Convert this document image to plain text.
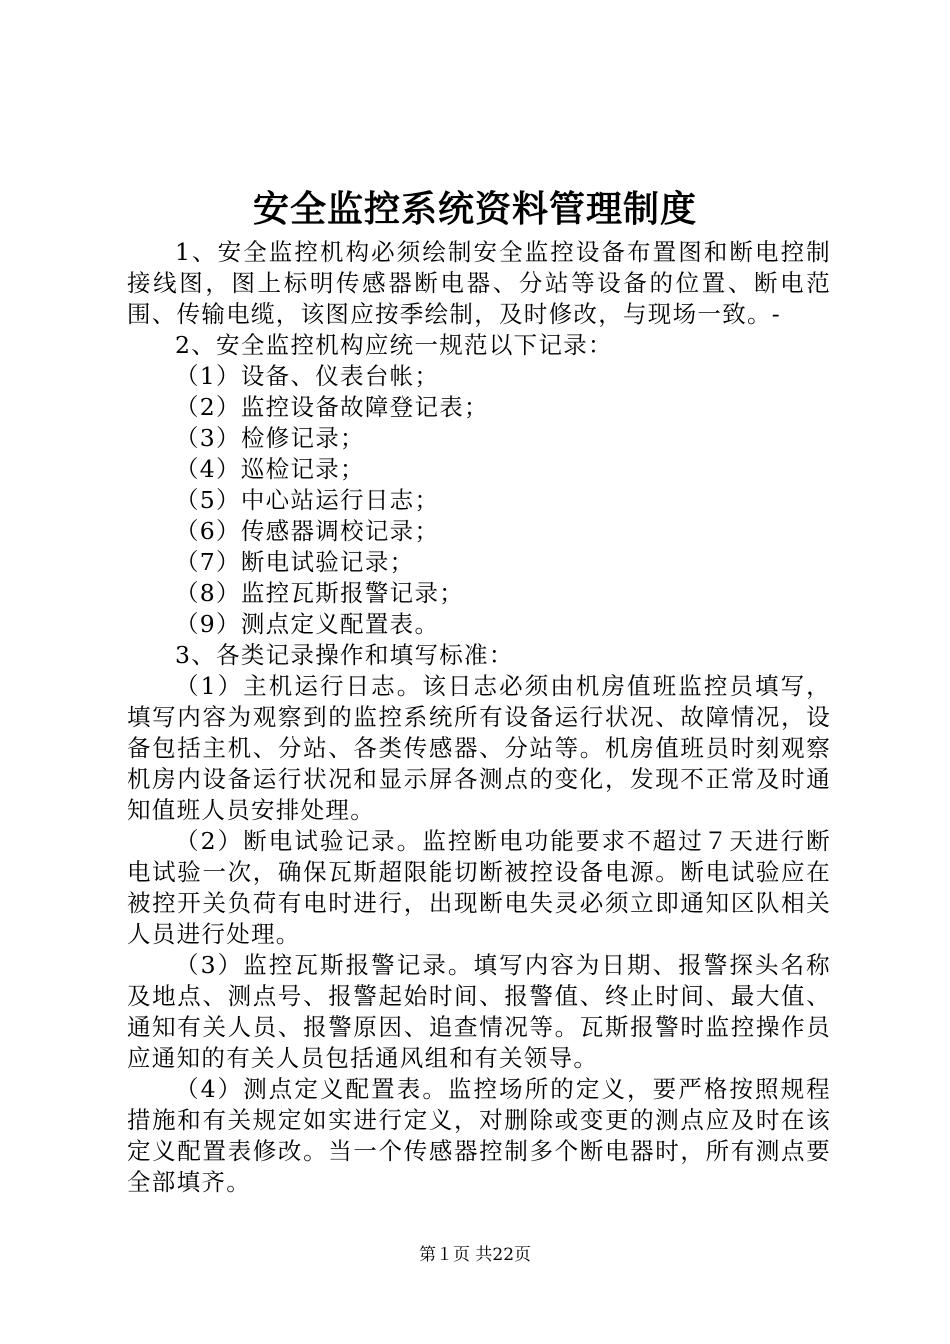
安全监控系统资料管理制度

1、安全监控机构必须绘制安全监控设备布置图和断电控制接线图，图上标明传感器断电器、分站等设备的位置、断电范围、传输电缆，该图应按季绘制，及时修改，与现场一致。-

2、安全监控机构应统一规范以下记录：

（1）设备、仪表台帐；

（2）监控设备故障登记表；

（3）检修记录；

（4）巡检记录；

（5）中心站运行日志；

（6）传感器调校记录；

（7）断电试验记录；

（8）监控瓦斯报警记录；

（9）测点定义配置表。

3、各类记录操作和填写标准：

（1）主机运行日志。该日志必须由机房值班监控员填写，填写内容为观察到的监控系统所有设备运行状况、故障情况，设备包括主机、分站、各类传感器、分站等。机房值班员时刻观察机房内设备运行状况和显示屏各测点的变化，发现不正常及时通知值班人员安排处理。

（2）断电试验记录。监控断电功能要求不超过７天进行断电试验一次，确保瓦斯超限能切断被控设备电源。断电试验应在被控开关负荷有电时进行，出现断电失灵必须立即通知区队相关人员进行处理。

（3）监控瓦斯报警记录。填写内容为日期、报警探头名称及地点、测点号、报警起始时间、报警值、终止时间、最大值、通知有关人员、报警原因、追查情况等。瓦斯报警时监控操作员应通知的有关人员包括通风组和有关领导。

（4）测点定义配置表。监控场所的定义，要严格按照规程措施和有关规定如实进行定义，对删除或变更的测点应及时在该定义配置表修改。当一个传感器控制多个断电器时，所有测点要全部填齐。

第１页 共22页
